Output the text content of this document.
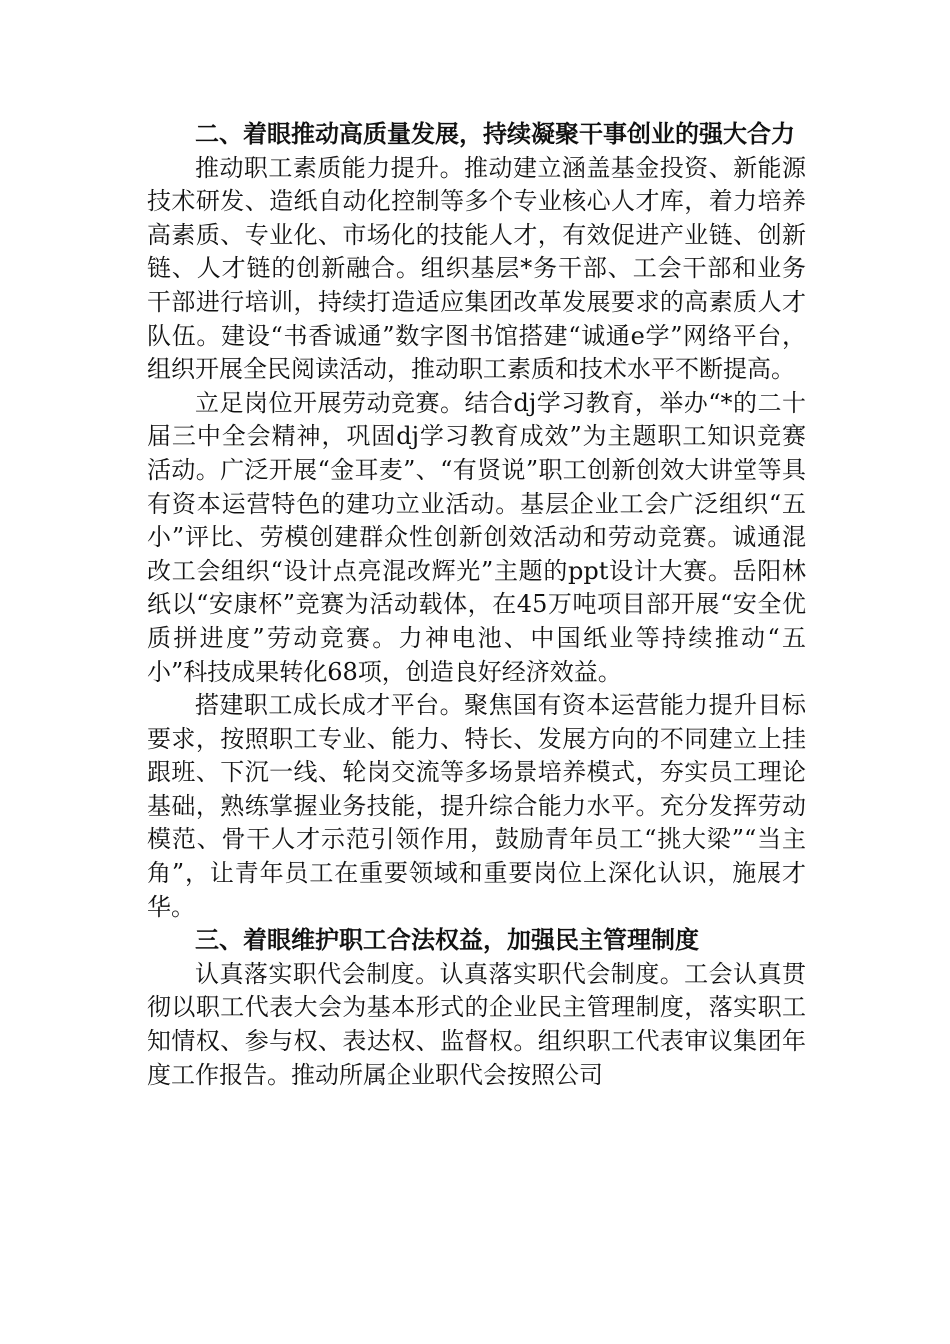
二、着眼推动高质量发展，持续凝聚干事创业的强大合力

推动职工素质能力提升。推动建立涵盖基金投资、新能源技术研发、造纸自动化控制等多个专业核心人才库，着力培养高素质、专业化、市场化的技能人才，有效促进产业链、创新链、人才链的创新融合。组织基层*务干部、工会干部和业务干部进行培训，持续打造适应集团改革发展要求的高素质人才队伍。建设“书香诚通”数字图书馆搭建“诚通e学”网络平台，组织开展全民阅读活动，推动职工素质和技术水平不断提高。

立足岗位开展劳动竞赛。结合dj学习教育，举办“*的二十届三中全会精神，巩固dj学习教育成效”为主题职工知识竞赛活动。广泛开展“金耳麦”、“有贤说”职工创新创效大讲堂等具有资本运营特色的建功立业活动。基层企业工会广泛组织“五小”评比、劳模创建群众性创新创效活动和劳动竞赛。诚通混改工会组织“设计点亮混改辉光”主题的ppt设计大赛。岳阳林纸以“安康杯”竞赛为活动载体，在45万吨项目部开展“安全优质拼进度”劳动竞赛。力神电池、中国纸业等持续推动“五小”科技成果转化68项，创造良好经济效益。

搭建职工成长成才平台。聚焦国有资本运营能力提升目标要求，按照职工专业、能力、特长、发展方向的不同建立上挂跟班、下沉一线、轮岗交流等多场景培养模式，夯实员工理论基础，熟练掌握业务技能，提升综合能力水平。充分发挥劳动模范、骨干人才示范引领作用，鼓励青年员工“挑大梁”“当主角”，让青年员工在重要领域和重要岗位上深化认识，施展才华。

三、着眼维护职工合法权益，加强民主管理制度

认真落实职代会制度。认真落实职代会制度。工会认真贯彻以职工代表大会为基本形式的企业民主管理制度，落实职工知情权、参与权、表达权、监督权。组织职工代表审议集团年度工作报告。推动所属企业职代会按照公司
